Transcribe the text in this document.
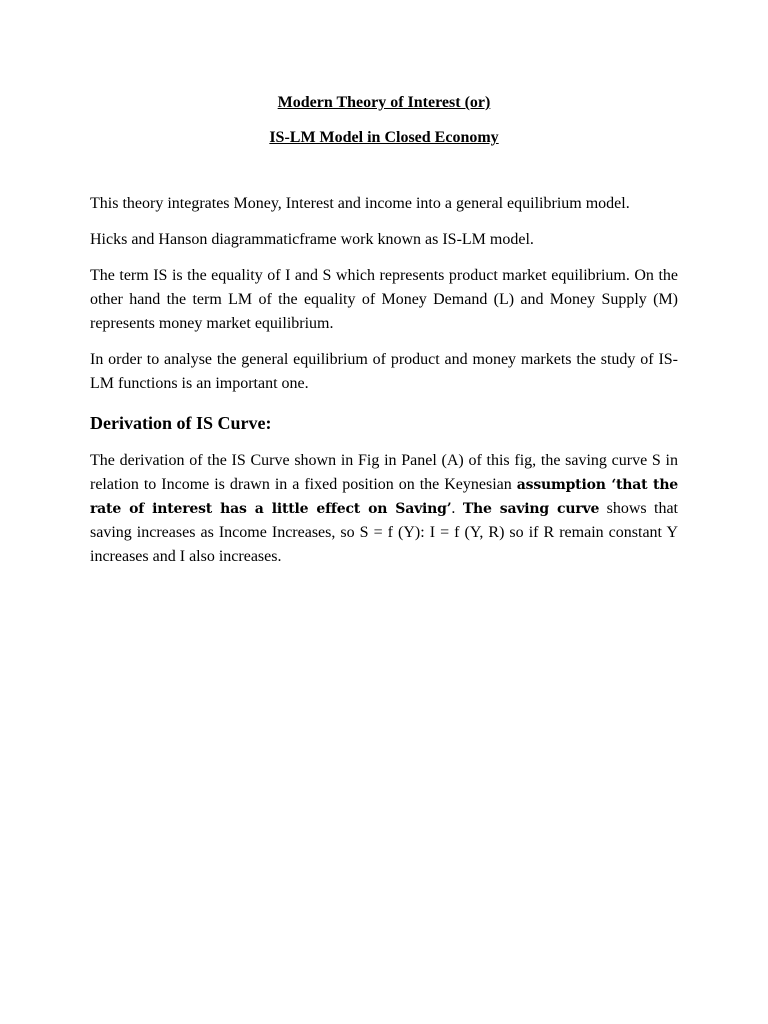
Modern Theory of Interest (or)

IS-LM Model in Closed Economy

This theory integrates Money, Interest and income into a general equilibrium model.

Hicks and Hanson diagrammaticframe work known as IS-LM model.

The term IS is the equality of I and S which represents product market equilibrium. On the other hand the term LM of the equality of Money Demand (L) and Money Supply (M) represents money market equilibrium.

In order to analyse the general equilibrium of product and money markets the study of IS-LM functions is an important one.

Derivation of IS Curve:

The derivation of the IS Curve shown in Fig in Panel (A) of this fig, the saving curve S in relation to Income is drawn in a fixed position on the Keynesian assumption ‘that the rate of interest has a little effect on Saving’. The saving curve shows that saving increases as Income Increases, so S = f (Y): I = f (Y, R) so if R remain constant Y increases and I also increases.
